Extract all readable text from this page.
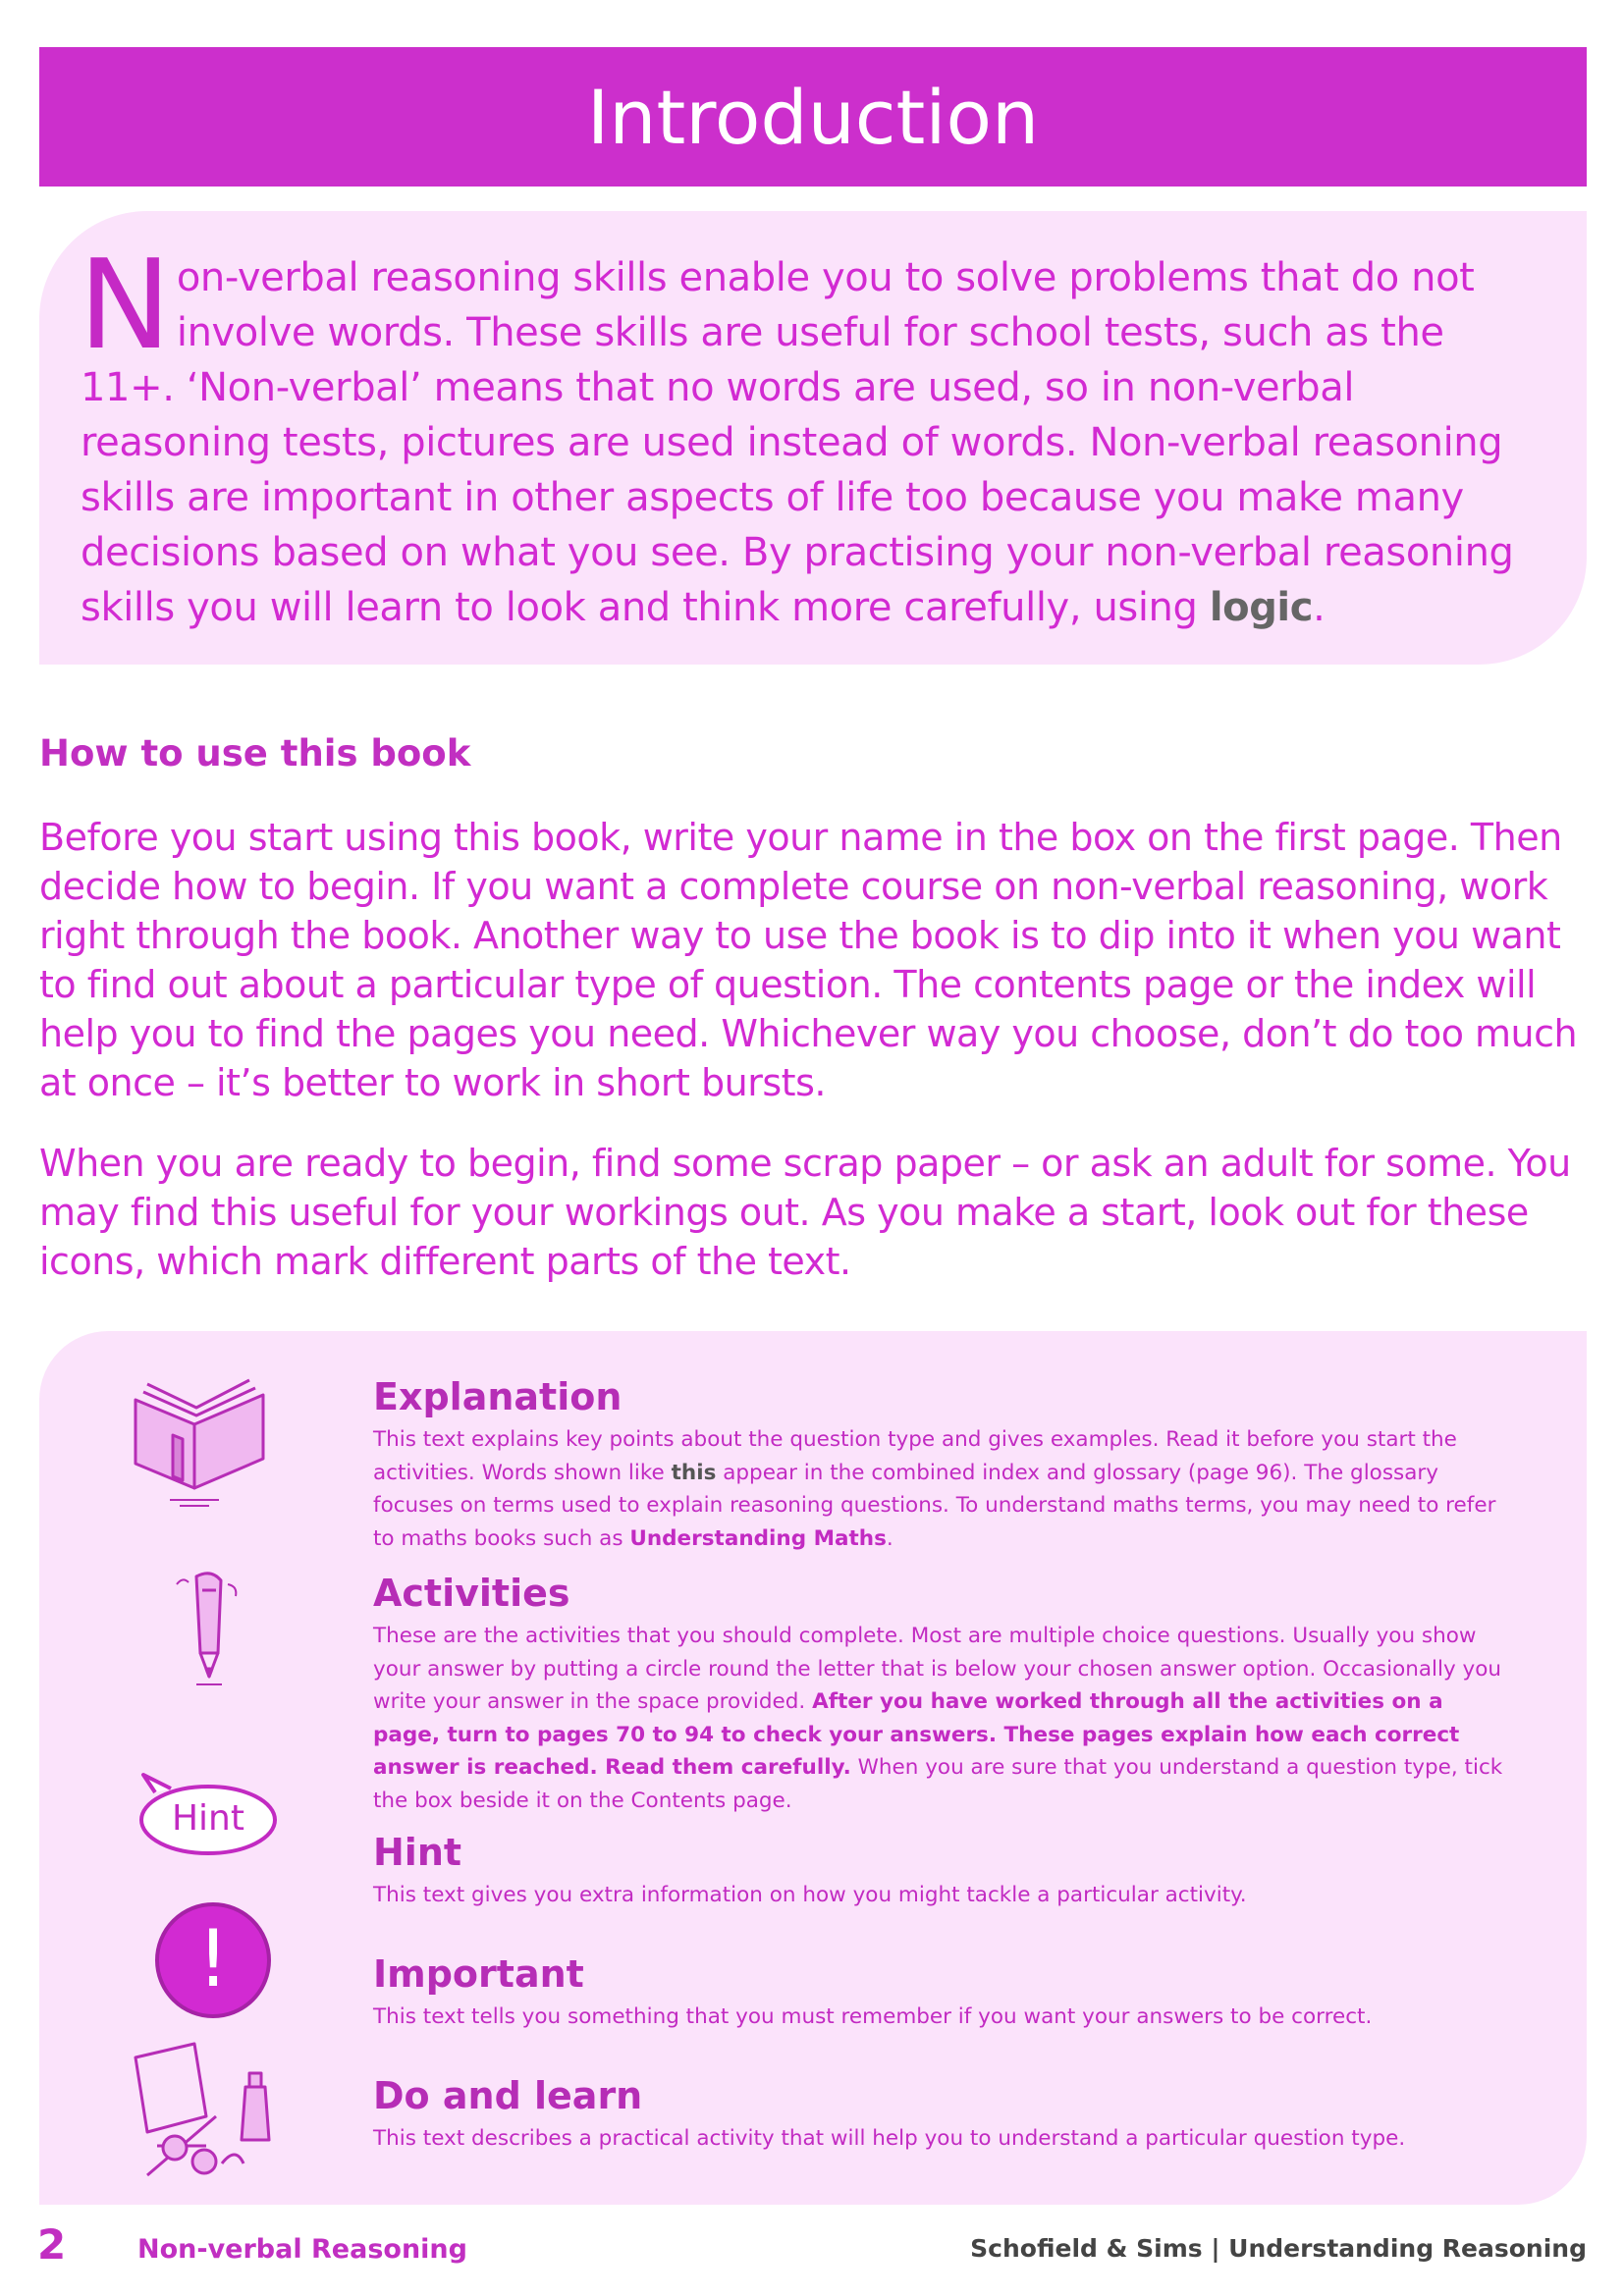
Introduction

Non-verbal reasoning skills enable you to solve problems that do not involve words. These skills are useful for school tests, such as the 11+. ‘Non-verbal’ means that no words are used, so in non-verbal reasoning tests, pictures are used instead of words. Non-verbal reasoning skills are important in other aspects of life too because you make many decisions based on what you see. By practising your non-verbal reasoning skills you will learn to look and think more carefully, using logic.

How to use this book

Before you start using this book, write your name in the box on the first page. Then decide how to begin. If you want a complete course on non-verbal reasoning, work right through the book. Another way to use the book is to dip into it when you want to find out about a particular type of question. The contents page or the index will help you to find the pages you need. Whichever way you choose, don’t do too much at once – it’s better to work in short bursts.

When you are ready to begin, find some scrap paper – or ask an adult for some. You may find this useful for your workings out. As you make a start, look out for these icons, which mark different parts of the text.

Hint
!
Explanation

This text explains key points about the question type and gives examples. Read it before you start the activities. Words shown like this appear in the combined index and glossary (page 96). The glossary focuses on terms used to explain reasoning questions. To understand maths terms, you may need to refer to maths books such as Understanding Maths.

Activities

These are the activities that you should complete. Most are multiple choice questions. Usually you show your answer by putting a circle round the letter that is below your chosen answer option. Occasionally you write your answer in the space provided. After you have worked through all the activities on a page, turn to pages 70 to 94 to check your answers. These pages explain how each correct answer is reached. Read them carefully. When you are sure that you understand a question type, tick the box beside it on the Contents page.

Hint

This text gives you extra information on how you might tackle a particular activity.

Important

This text tells you something that you must remember if you want your answers to be correct.

Do and learn

This text describes a practical activity that will help you to understand a particular question type.

2	Non-verbal Reasoning	Schofield & Sims | Understanding Reasoning
